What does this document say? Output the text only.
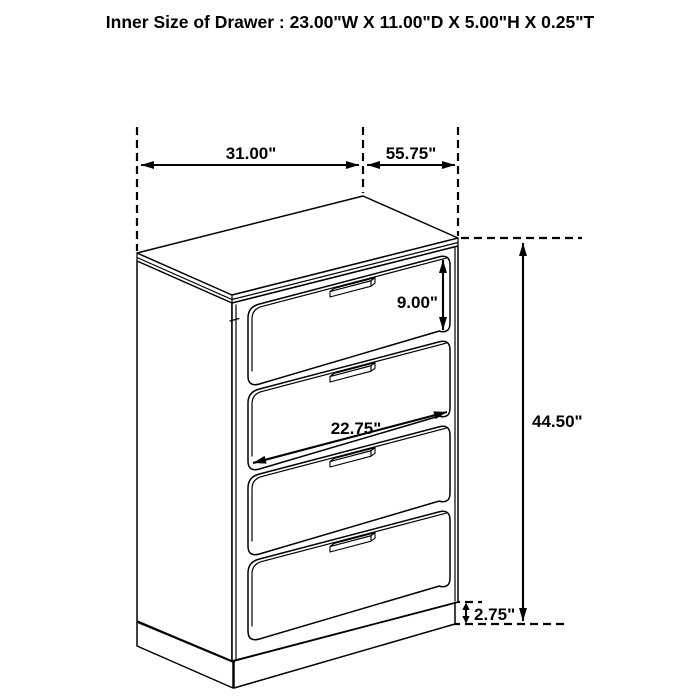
Inner Size of Drawer : 23.00"W X 11.00"D X 5.00"H X 0.25"T
31.00"	55.75"
9.00"
22.75"	44.50"
2.75"
